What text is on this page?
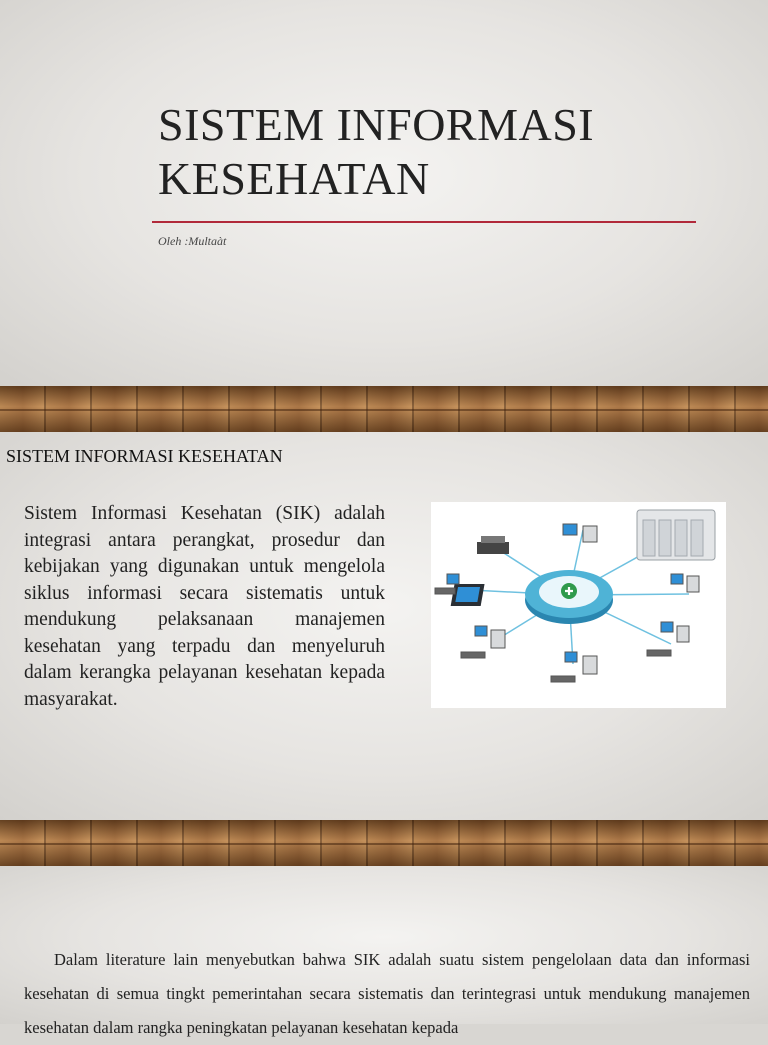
SISTEM INFORMASI
KESEHATAN
Oleh :Multaàt
SISTEM INFORMASI KESEHATAN

Sistem Informasi Kesehatan (SIK) adalah integrasi antara perangkat, prosedur dan kebijakan yang digunakan untuk mengelola siklus informasi secara sistematis untuk mendukung pelaksanaan manajemen kesehatan yang terpadu dan menyeluruh dalam kerangka pelayanan kesehatan kepada masyarakat.

Dalam literature lain menyebutkan bahwa SIK adalah suatu sistem pengelolaan data dan informasi kesehatan di semua tingkt pemerintahan secara sistematis dan terintegrasi untuk mendukung manajemen kesehatan dalam rangka peningkatan pelayanan kesehatan kepada
